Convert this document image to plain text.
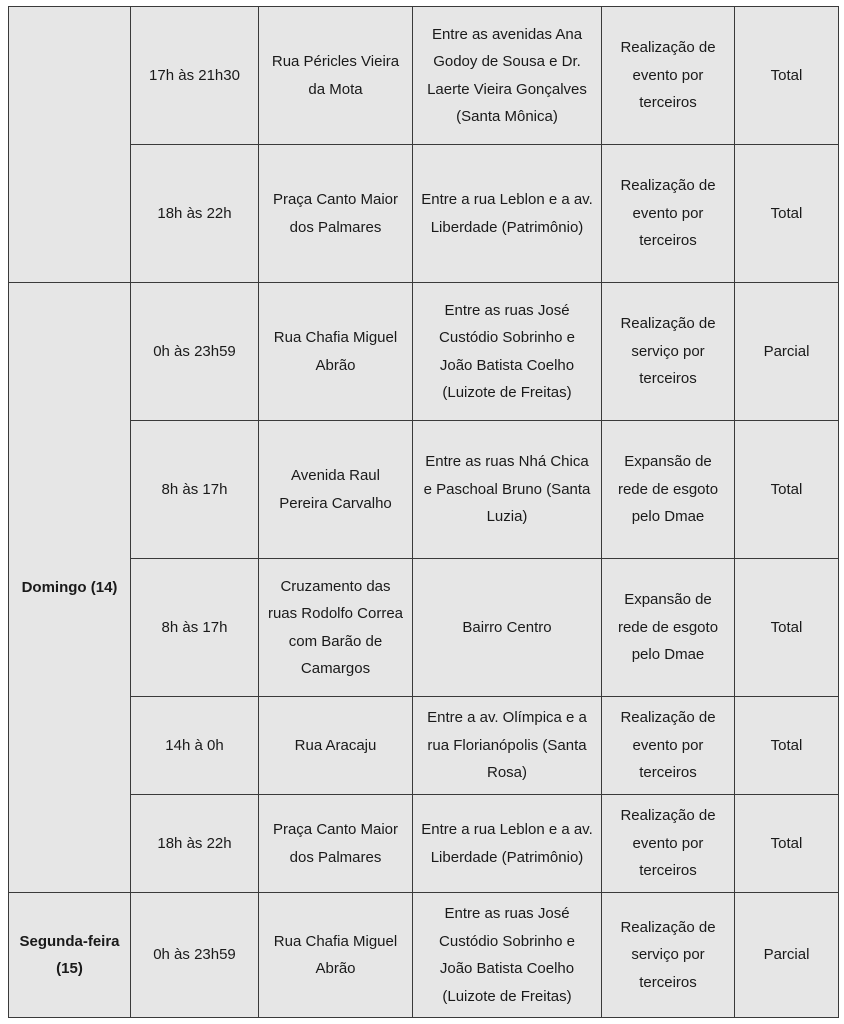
	17h às 21h30	Rua Péricles Vieira da Mota	Entre as avenidas Ana Godoy de Sousa e Dr. Laerte Vieira Gonçalves (Santa Mônica)	Realização de evento por terceiros	Total
	18h às 22h	Praça Canto Maior dos Palmares	Entre a rua Leblon e a av. Liberdade (Patrimônio)	Realização de evento por terceiros	Total
Domingo (14)	0h às 23h59	Rua Chafia Miguel Abrão	Entre as ruas José Custódio Sobrinho e João Batista Coelho (Luizote de Freitas)	Realização de serviço por terceiros	Parcial
	8h às 17h	Avenida Raul Pereira Carvalho	Entre as ruas Nhá Chica e Paschoal Bruno (Santa Luzia)	Expansão de rede de esgoto pelo Dmae	Total
	8h às 17h	Cruzamento das ruas Rodolfo Correa com Barão de Camargos	Bairro Centro	Expansão de rede de esgoto pelo Dmae	Total
	14h à 0h	Rua Aracaju	Entre a av. Olímpica e a rua Florianópolis (Santa Rosa)	Realização de evento por terceiros	Total
	18h às 22h	Praça Canto Maior dos Palmares	Entre a rua Leblon e a av. Liberdade (Patrimônio)	Realização de evento por terceiros	Total
Segunda-feira (15)	0h às 23h59	Rua Chafia Miguel Abrão	Entre as ruas José Custódio Sobrinho e João Batista Coelho (Luizote de Freitas)	Realização de serviço por terceiros	Parcial
